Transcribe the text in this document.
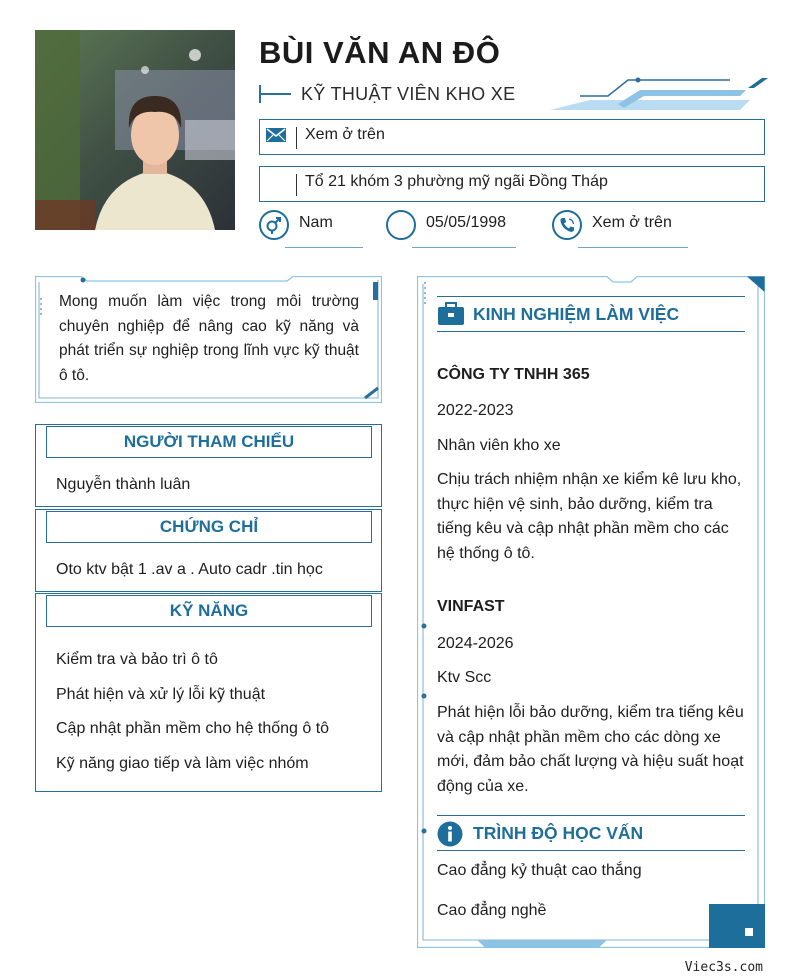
BÙI VĂN AN ĐÔ
KỸ THUẬT VIÊN KHO XE
Xem ở trên
Tổ 21 khóm 3 phường mỹ ngãi Đồng Tháp
Nam	05/05/1998	Xem ở trên
Mong muốn làm việc trong môi trường chuyên nghiệp để nâng cao kỹ năng và phát triển sự nghiệp trong lĩnh vực kỹ thuật ô tô.
NGƯỜI THAM CHIẾU
Nguyễn thành luân
CHỨNG CHỈ
Oto ktv bật 1 .av a . Auto cadr .tin học
KỸ NĂNG
Kiểm tra và bảo trì ô tô
Phát hiện và xử lý lỗi kỹ thuật
Cập nhật phần mềm cho hệ thống ô tô
Kỹ năng giao tiếp và làm việc nhóm
KINH NGHIỆM LÀM VIỆC
CÔNG TY TNHH 365
2022-2023
Nhân viên kho xe
Chịu trách nhiệm nhận xe kiểm kê lưu kho, thực hiện vệ sinh, bảo dưỡng, kiểm tra tiếng kêu và cập nhật phần mềm cho các hệ thống ô tô.
VINFAST
2024-2026
Ktv Scc
Phát hiện lỗi bảo dưỡng, kiểm tra tiếng kêu và cập nhật phần mềm cho các dòng xe mới, đảm bảo chất lượng và hiệu suất hoạt động của xe.
TRÌNH ĐỘ HỌC VẤN
Cao đẳng kỷ thuật cao thắng
Cao đẳng nghề
Viec3s.com
